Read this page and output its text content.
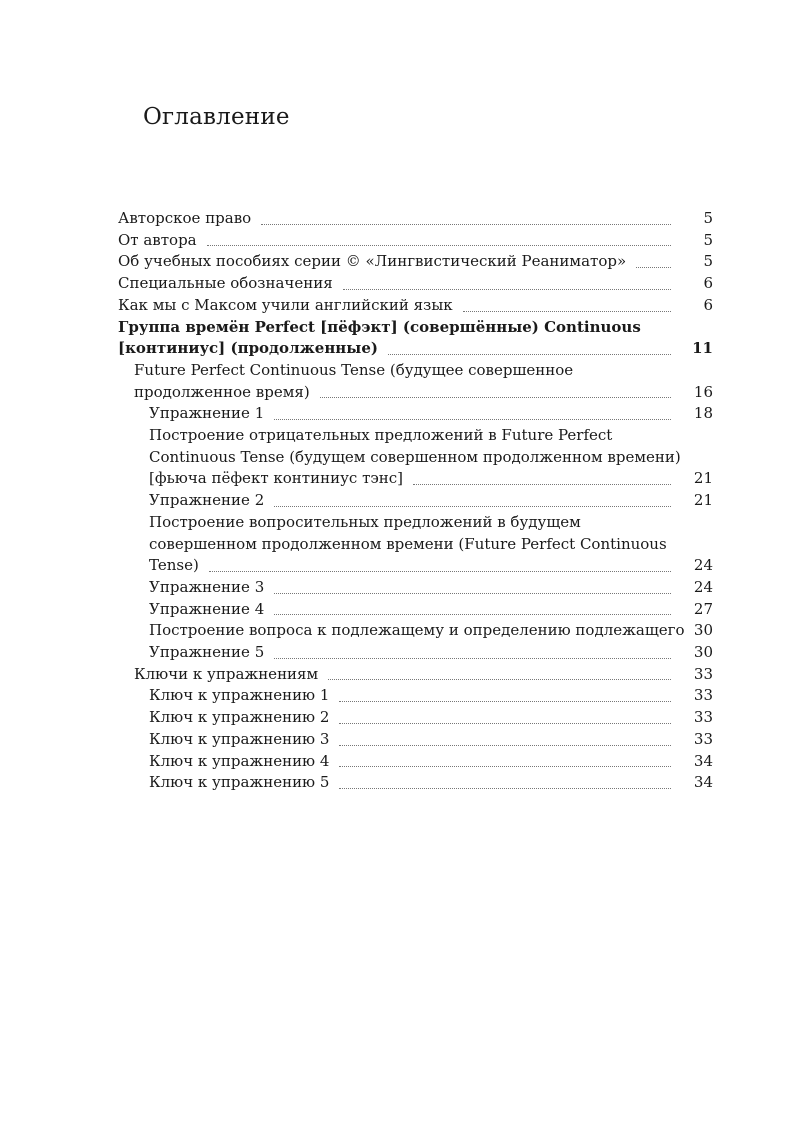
Оглавление
Авторское право	5
От автора	5
Об учебных пособиях серии © «Лингвистический Реаниматор»	5
Специальные обозначения	6
Как мы с Максом учили английский язык	6
Группа времён Perfect [пёфэкт] (совершённые) Continuous
[континиус] (продолженные)	11
Future Perfect Continuous Tense (будущее совершенное
продолженное время)	16
Упражнение 1	18
Построение отрицательных предложений в Future Perfect
Continuous Tense (будущем совершенном продолженном времени)
[фьюча пёфект континиус тэнс]	21
Упражнение 2	21
Построение вопросительных предложений в будущем
совершенном продолженном времени (Future Perfect Continuous
Tense)	24
Упражнение 3	24
Упражнение 4	27
Построение вопроса к подлежащему и определению подлежащего 30
Упражнение 5	30
Ключи к упражнениям	33
Ключ к упражнению 1	33
Ключ к упражнению 2	33
Ключ к упражнению 3	33
Ключ к упражнению 4	34
Ключ к упражнению 5	34
